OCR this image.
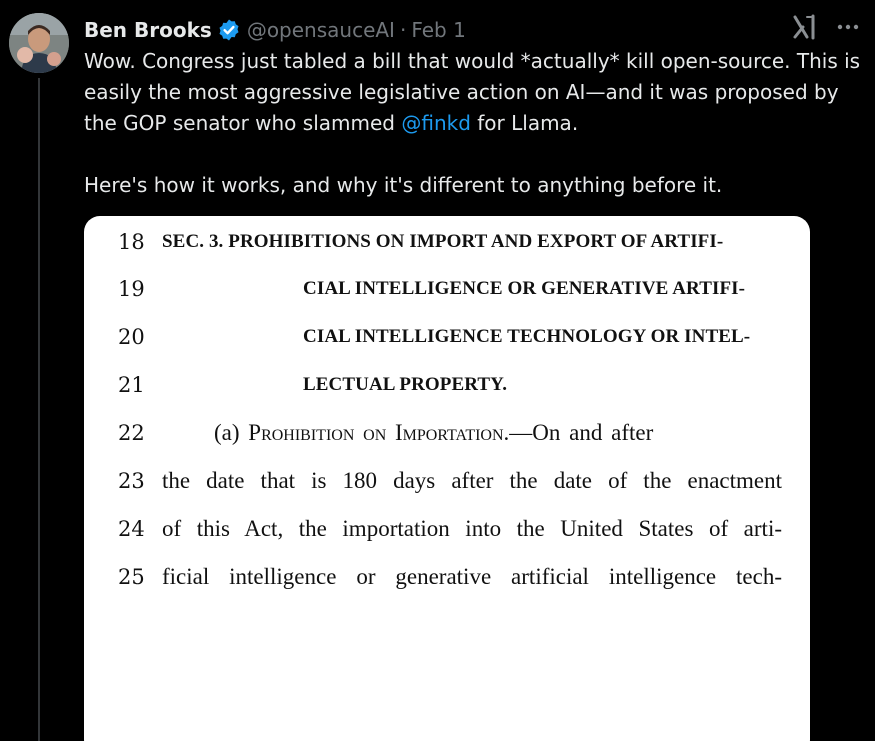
Ben Brooks @opensauceAI · Feb 1

Wow. Congress just tabled a bill that would *actually* kill open-source. This is easily the most aggressive legislative action on AI—and it was proposed by the GOP senator who slammed @finkd for Llama.

Here's how it works, and why it's different to anything before it.

18 SEC. 3. PROHIBITIONS ON IMPORT AND EXPORT OF ARTIFI-
19	CIAL INTELLIGENCE OR GENERATIVE ARTIFI-
20	CIAL INTELLIGENCE TECHNOLOGY OR INTEL-
21	LECTUAL PROPERTY.
22	(a) Prohibition on Importation.—On and after
23 the date that is 180 days after the date of the enactment
24 of this Act, the importation into the United States of arti-
25 ficial intelligence or generative artificial intelligence tech-
